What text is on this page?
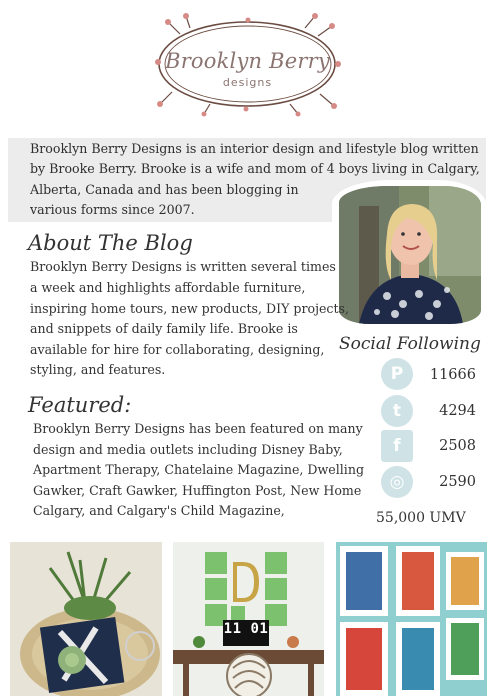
Brooklyn Berry
designs
Brooklyn Berry Designs is an interior design and lifestyle blog written
by Brooke Berry. Brooke is a wife and mom of 4 boys living in Calgary,
Alberta, Canada and has been blogging in
various forms since 2007.
About The Blog
Brooklyn Berry Designs is written several times
a week and highlights affordable furniture,
inspiring home tours, new products, DIY projects,
and snippets of daily family life. Brooke is
available for hire for collaborating, designing,
styling, and features.
Social Following
P	11666
t	4294
f	2508
◎	2590
55,000 UMV
Featured:
Brooklyn Berry Designs has been featured on many
design and media outlets including Disney Baby,
Apartment Therapy, Chatelaine Magazine, Dwelling
Gawker, Craft Gawker, Huffington Post, New Home
Calgary, and Calgary's Child Magazine,
11 01
